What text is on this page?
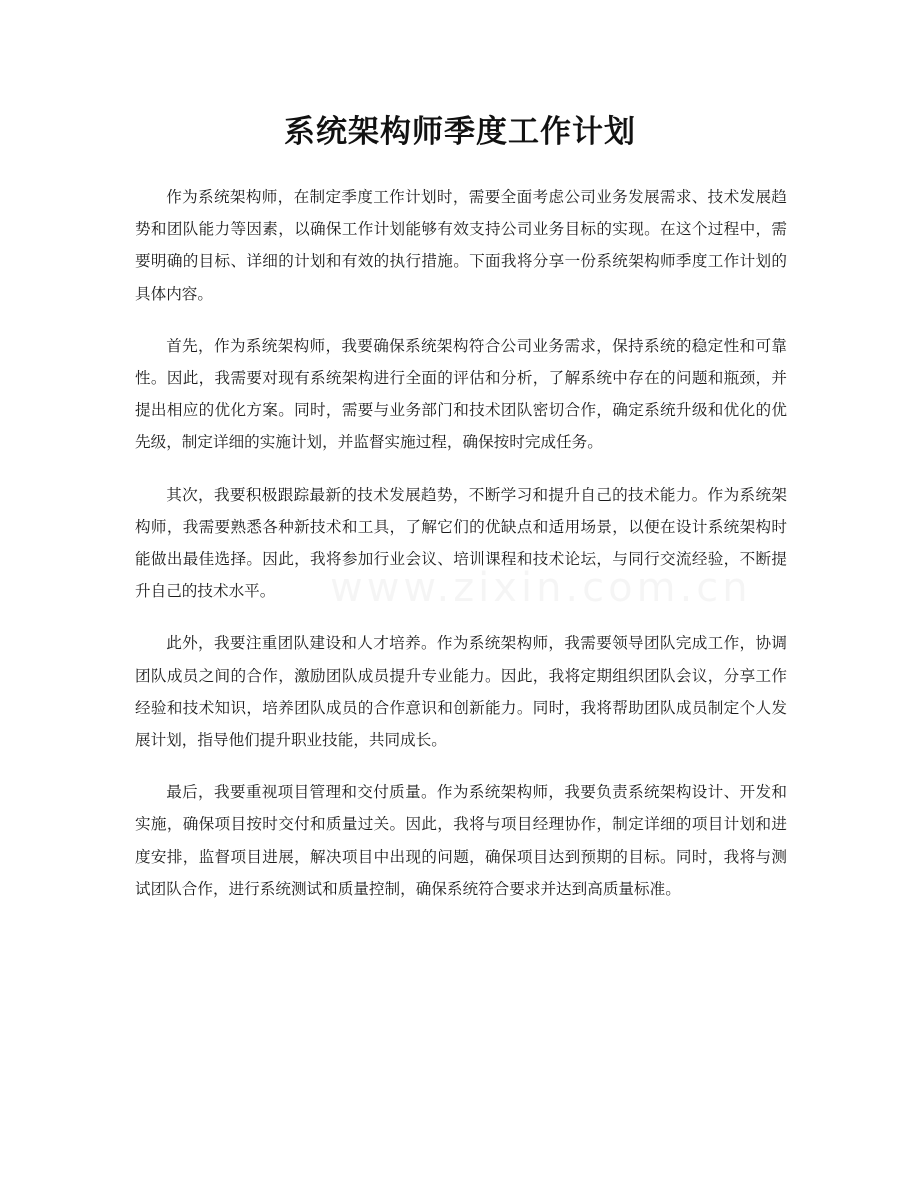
系统架构师季度工作计划

作为系统架构师，在制定季度工作计划时，需要全面考虑公司业务发展需求、技术发展趋势和团队能力等因素，以确保工作计划能够有效支持公司业务目标的实现。在这个过程中，需要明确的目标、详细的计划和有效的执行措施。下面我将分享一份系统架构师季度工作计划的具体内容。

首先，作为系统架构师，我要确保系统架构符合公司业务需求，保持系统的稳定性和可靠性。因此，我需要对现有系统架构进行全面的评估和分析，了解系统中存在的问题和瓶颈，并提出相应的优化方案。同时，需要与业务部门和技术团队密切合作，确定系统升级和优化的优先级，制定详细的实施计划，并监督实施过程，确保按时完成任务。

其次，我要积极跟踪最新的技术发展趋势，不断学习和提升自己的技术能力。作为系统架构师，我需要熟悉各种新技术和工具，了解它们的优缺点和适用场景，以便在设计系统架构时能做出最佳选择。因此，我将参加行业会议、培训课程和技术论坛，与同行交流经验，不断提升自己的技术水平。

此外，我要注重团队建设和人才培养。作为系统架构师，我需要领导团队完成工作，协调团队成员之间的合作，激励团队成员提升专业能力。因此，我将定期组织团队会议，分享工作经验和技术知识，培养团队成员的合作意识和创新能力。同时，我将帮助团队成员制定个人发展计划，指导他们提升职业技能，共同成长。

最后，我要重视项目管理和交付质量。作为系统架构师，我要负责系统架构设计、开发和实施，确保项目按时交付和质量过关。因此，我将与项目经理协作，制定详细的项目计划和进度安排，监督项目进展，解决项目中出现的问题，确保项目达到预期的目标。同时，我将与测试团队合作，进行系统测试和质量控制，确保系统符合要求并达到高质量标准。
